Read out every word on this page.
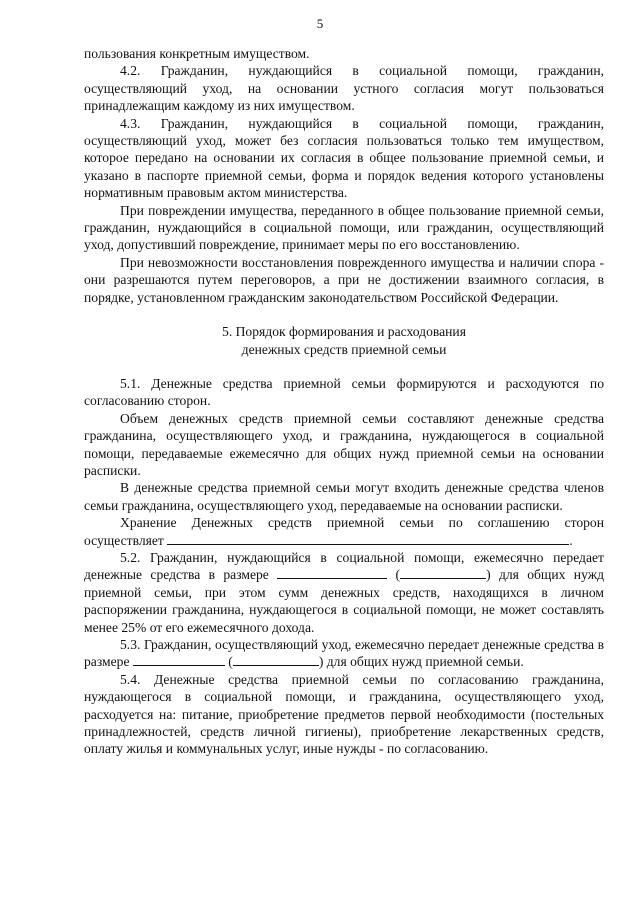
5

пользования конкретным имуществом.

4.2. Гражданин, нуждающийся в социальной помощи, гражданин, осуществляющий уход, на основании устного согласия могут пользоваться принадлежащим каждому из них имуществом.

4.3. Гражданин, нуждающийся в социальной помощи, гражданин, осуществляющий уход, может без согласия пользоваться только тем имуществом, которое передано на основании их согласия в общее пользование приемной семьи, и указано в паспорте приемной семьи, форма и порядок ведения которого установлены нормативным правовым актом министерства.

При повреждении имущества, переданного в общее пользование приемной семьи, гражданин, нуждающийся в социальной помощи, или гражданин, осуществляющий уход, допустивший повреждение, принимает меры по его восстановлению.

При невозможности восстановления поврежденного имущества и наличии спора - они разрешаются путем переговоров, а при не достижении взаимного согласия, в порядке, установленном гражданским законодательством Российской Федерации.

5. Порядок формирования и расходования
денежных средств приемной семьи

5.1. Денежные средства приемной семьи формируются и расходуются по согласованию сторон.

Объем денежных средств приемной семьи составляют денежные средства гражданина, осуществляющего уход, и гражданина, нуждающегося в социальной помощи, передаваемые ежемесячно для общих нужд приемной семьи на основании расписки.

В денежные средства приемной семьи могут входить денежные средства членов семьи гражданина, осуществляющего уход, передаваемые на основании расписки.

Хранение Денежных средств приемной семьи по соглашению сторон осуществляет	.

5.2. Гражданин, нуждающийся в социальной помощи, ежемесячно передает денежные средства в размере	(	) для общих нужд приемной семьи, при этом сумм денежных средств, находящихся в личном распоряжении гражданина, нуждающегося в социальной помощи, не может составлять менее 25% от его ежемесячного дохода.

5.3. Гражданин, осуществляющий уход, ежемесячно передает денежные средства в размере	(	) для общих нужд приемной семьи.

5.4. Денежные средства приемной семьи по согласованию гражданина, нуждающегося в социальной помощи, и гражданина, осуществляющего уход, расходуется на: питание, приобретение предметов первой необходимости (постельных принадлежностей, средств личной гигиены), приобретение лекарственных средств, оплату жилья и коммунальных услуг, иные нужды - по согласованию.
